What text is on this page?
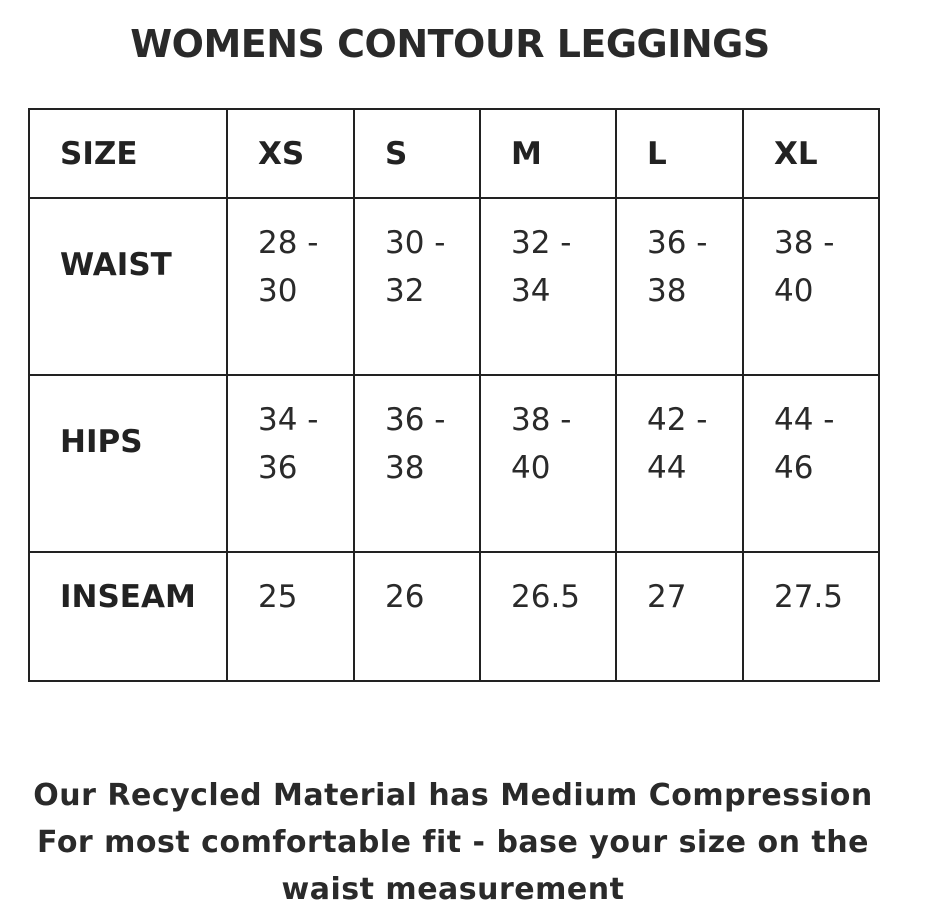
WOMENS CONTOUR LEGGINGS
SIZE	XS	S	M	L	XL

WAIST	28 - 30	30 - 32	32 - 34	36 - 38	38 - 40

HIPS	34 - 36	36 - 38	38 - 40	42 - 44	44 - 46

INSEAM	25	26	26.5	27	27.5
Our Recycled Material has Medium Compression
For most comfortable fit - base your size on the
waist measurement
